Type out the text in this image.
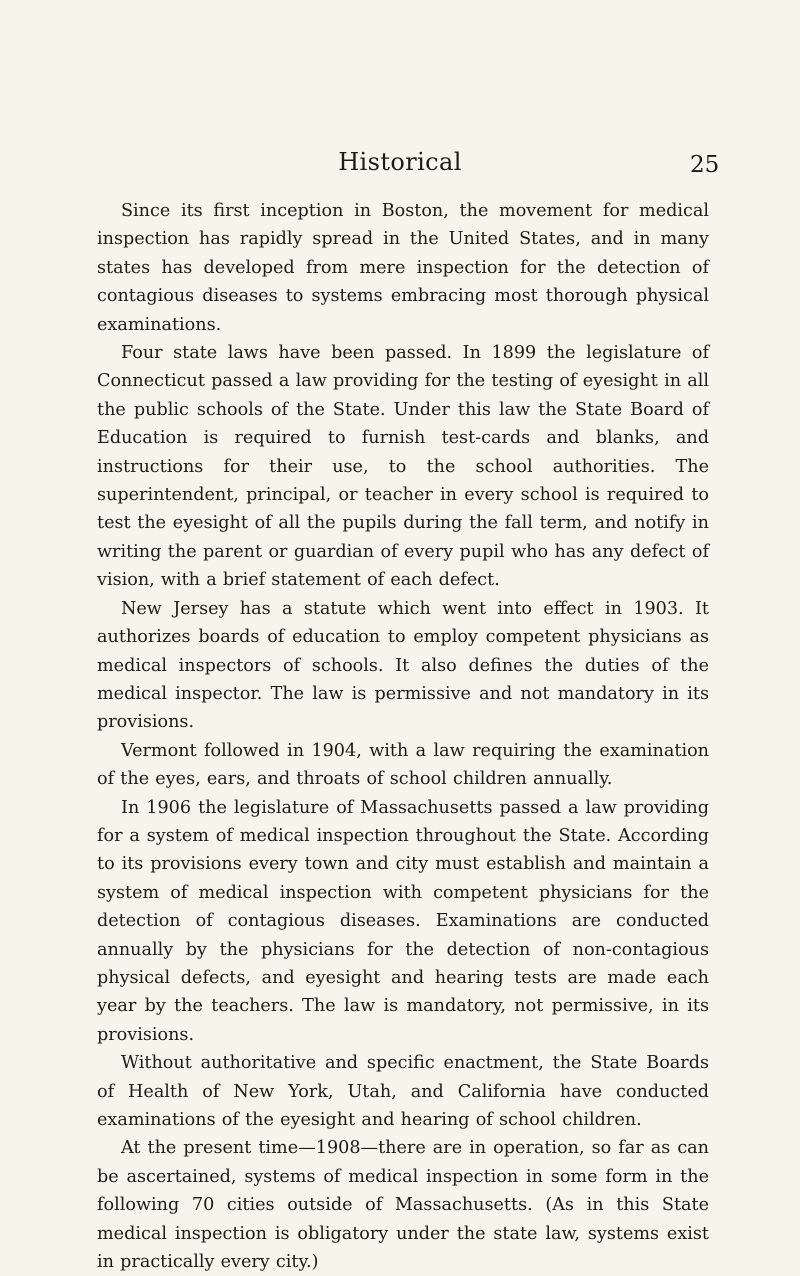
Historical	25

Since its first inception in Boston, the movement for medical inspection has rapidly spread in the United States, and in many states has developed from mere inspection for the detection of contagious diseases to systems embracing most thorough physical examinations.

Four state laws have been passed. In 1899 the legislature of Connecticut passed a law providing for the testing of eyesight in all the public schools of the State. Under this law the State Board of Education is required to furnish test-cards and blanks, and instructions for their use, to the school authorities. The superintendent, principal, or teacher in every school is required to test the eyesight of all the pupils during the fall term, and notify in writing the parent or guardian of every pupil who has any defect of vision, with a brief statement of each defect.

New Jersey has a statute which went into effect in 1903. It authorizes boards of education to employ competent physicians as medical inspectors of schools. It also defines the duties of the medical inspector. The law is permissive and not mandatory in its provisions.

Vermont followed in 1904, with a law requiring the examination of the eyes, ears, and throats of school children annually.

In 1906 the legislature of Massachusetts passed a law providing for a system of medical inspection throughout the State. According to its provisions every town and city must establish and maintain a system of medical inspection with competent physicians for the detection of contagious diseases. Examinations are conducted annually by the physicians for the detection of non-contagious physical defects, and eyesight and hearing tests are made each year by the teachers. The law is mandatory, not permissive, in its provisions.

Without authoritative and specific enactment, the State Boards of Health of New York, Utah, and California have conducted examinations of the eyesight and hearing of school children.

At the present time—1908—there are in operation, so far as can be ascertained, systems of medical inspection in some form in the following 70 cities outside of Massachusetts. (As in this State medical inspection is obligatory under the state law, systems exist in practically every city.)
